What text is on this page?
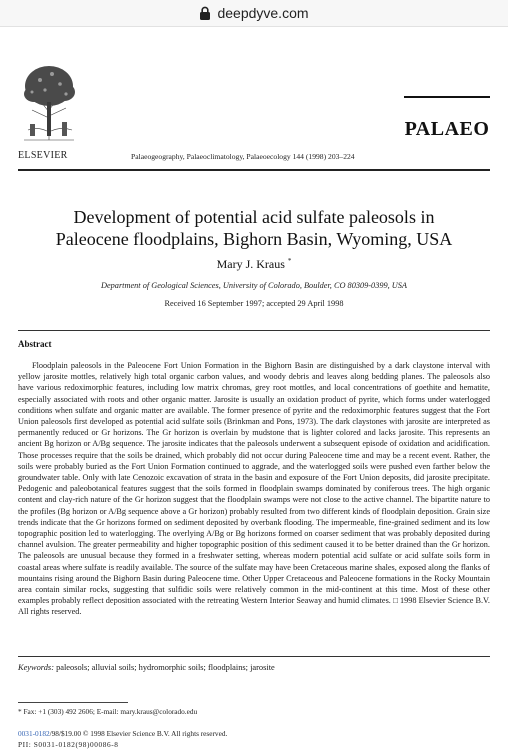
deepdyve.com
ELSEVIER	Palaeogeography, Palaeoclimatology, Palaeoecology 144 (1998) 203–224
PALAEO
Development of potential acid sulfate paleosols in
Paleocene floodplains, Bighorn Basin, Wyoming, USA
Mary J. Kraus *
Department of Geological Sciences, University of Colorado, Boulder, CO 80309-0399, USA
Received 16 September 1997; accepted 29 April 1998
Abstract
Floodplain paleosols in the Paleocene Fort Union Formation in the Bighorn Basin are distinguished by a dark claystone interval with yellow jarosite mottles, relatively high total organic carbon values, and woody debris and leaves along bedding planes. The paleosols also have various redoximorphic features, including low matrix chromas, grey root mottles, and local concentrations of goethite and hematite, especially associated with roots and other organic matter. Jarosite is usually an oxidation product of pyrite, which forms under waterlogged conditions when sulfate and organic matter are available. The former presence of pyrite and the redoximorphic features suggest that the Fort Union paleosols first developed as potential acid sulfate soils (Brinkman and Pons, 1973). The dark claystones with jarosite are interpreted as permanently reduced or Gr horizons. The Gr horizon is overlain by mudstone that is lighter colored and lacks jarosite. This represents an ancient Bg horizon or A/Bg sequence. The jarosite indicates that the paleosols underwent a subsequent episode of oxidation and acidification. Those processes require that the soils be drained, which probably did not occur during Paleocene time and may be a recent event. Rather, the soils were probably buried as the Fort Union Formation continued to aggrade, and the waterlogged soils were pushed even farther below the groundwater table. Only with late Cenozoic excavation of strata in the basin and exposure of the Fort Union deposits, did jarosite precipitate. Pedogenic and paleobotanical features suggest that the soils formed in floodplain swamps dominated by coniferous trees. The high organic content and clay-rich nature of the Gr horizon suggest that the floodplain swamps were not close to the active channel. The bipartite nature to the profiles (Bg horizon or A/Bg sequence above a Gr horizon) probably resulted from two different kinds of floodplain deposition. Grain size trends indicate that the Gr horizons formed on sediment deposited by overbank flooding. The impermeable, fine-grained sediment and its low topographic position led to waterlogging. The overlying A/Bg or Bg horizons formed on coarser sediment that was probably deposited during channel avulsion. The greater permeability and higher topographic position of this sediment caused it to be better drained than the Gr horizon. The paleosols are unusual because they formed in a freshwater setting, whereas modern potential acid sulfate or acid sulfate soils form in coastal areas where sulfate is readily available. The source of the sulfate may have been Cretaceous marine shales, exposed along the flanks of mountains rising around the Bighorn Basin during Paleocene time. Other Upper Cretaceous and Paleocene formations in the Rocky Mountain area contain similar rocks, suggesting that sulfidic soils were relatively common in the mid-continent at this time. Most of these other examples probably reflect deposition associated with the retreating Western Interior Seaway and humid climates. □ 1998 Elsevier Science B.V. All rights reserved.
Keywords: paleosols; alluvial soils; hydromorphic soils; floodplains; jarosite
* Fax: +1 (303) 492 2606; E-mail: mary.kraus@colorado.edu
0031-0182/98/$19.00 © 1998 Elsevier Science B.V. All rights reserved.
PII: S0031-0182(98)00086-8
